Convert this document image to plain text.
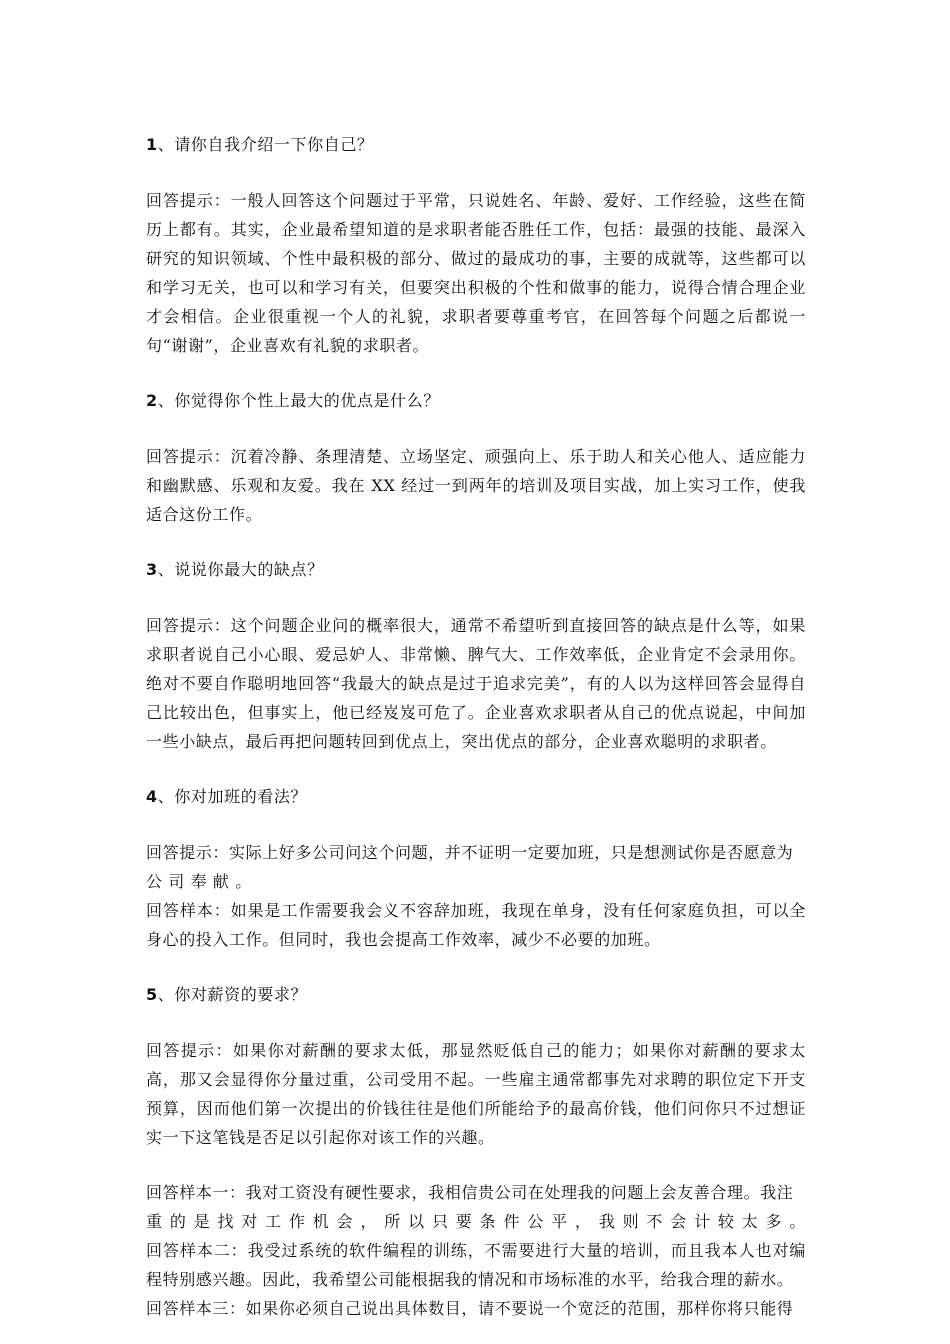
1、请你自我介绍一下你自己？
回答提示：一般人回答这个问题过于平常，只说姓名、年龄、爱好、工作经验，这些在简历上都有。其实，企业最希望知道的是求职者能否胜任工作，包括：最强的技能、最深入研究的知识领域、个性中最积极的部分、做过的最成功的事，主要的成就等，这些都可以和学习无关，也可以和学习有关，但要突出积极的个性和做事的能力，说得合情合理企业才会相信。企业很重视一个人的礼貌，求职者要尊重考官，在回答每个问题之后都说一句“谢谢”，企业喜欢有礼貌的求职者。
2、你觉得你个性上最大的优点是什么？
回答提示：沉着冷静、条理清楚、立场坚定、顽强向上、乐于助人和关心他人、适应能力和幽默感、乐观和友爱。我在 XX 经过一到两年的培训及项目实战，加上实习工作，使我适合这份工作。
3、说说你最大的缺点？
回答提示：这个问题企业问的概率很大，通常不希望听到直接回答的缺点是什么等，如果求职者说自己小心眼、爱忌妒人、非常懒、脾气大、工作效率低，企业肯定不会录用你。绝对不要自作聪明地回答“我最大的缺点是过于追求完美”，有的人以为这样回答会显得自己比较出色，但事实上，他已经岌岌可危了。企业喜欢求职者从自己的优点说起，中间加一些小缺点，最后再把问题转回到优点上，突出优点的部分，企业喜欢聪明的求职者。
4、你对加班的看法？
回答提示：实际上好多公司问这个问题，并不证明一定要加班，只是想测试你是否愿意为
公 司 奉 献 。
回答样本：如果是工作需要我会义不容辞加班，我现在单身，没有任何家庭负担，可以全身心的投入工作。但同时，我也会提高工作效率，减少不必要的加班。
5、你对薪资的要求？
回答提示：如果你对薪酬的要求太低，那显然贬低自己的能力；如果你对薪酬的要求太高，那又会显得你分量过重，公司受用不起。一些雇主通常都事先对求聘的职位定下开支预算，因而他们第一次提出的价钱往往是他们所能给予的最高价钱，他们问你只不过想证实一下这笔钱是否足以引起你对该工作的兴趣。
回答样本一：我对工资没有硬性要求，我相信贵公司在处理我的问题上会友善合理。我注
重的是找对工作机会，所以只要条件公平，我则不会计较太多。
回答样本二：我受过系统的软件编程的训练，不需要进行大量的培训，而且我本人也对编程特别感兴趣。因此，我希望公司能根据我的情况和市场标准的水平，给我合理的薪水。
回答样本三：如果你必须自己说出具体数目，请不要说一个宽泛的范围，那样你将只能得
